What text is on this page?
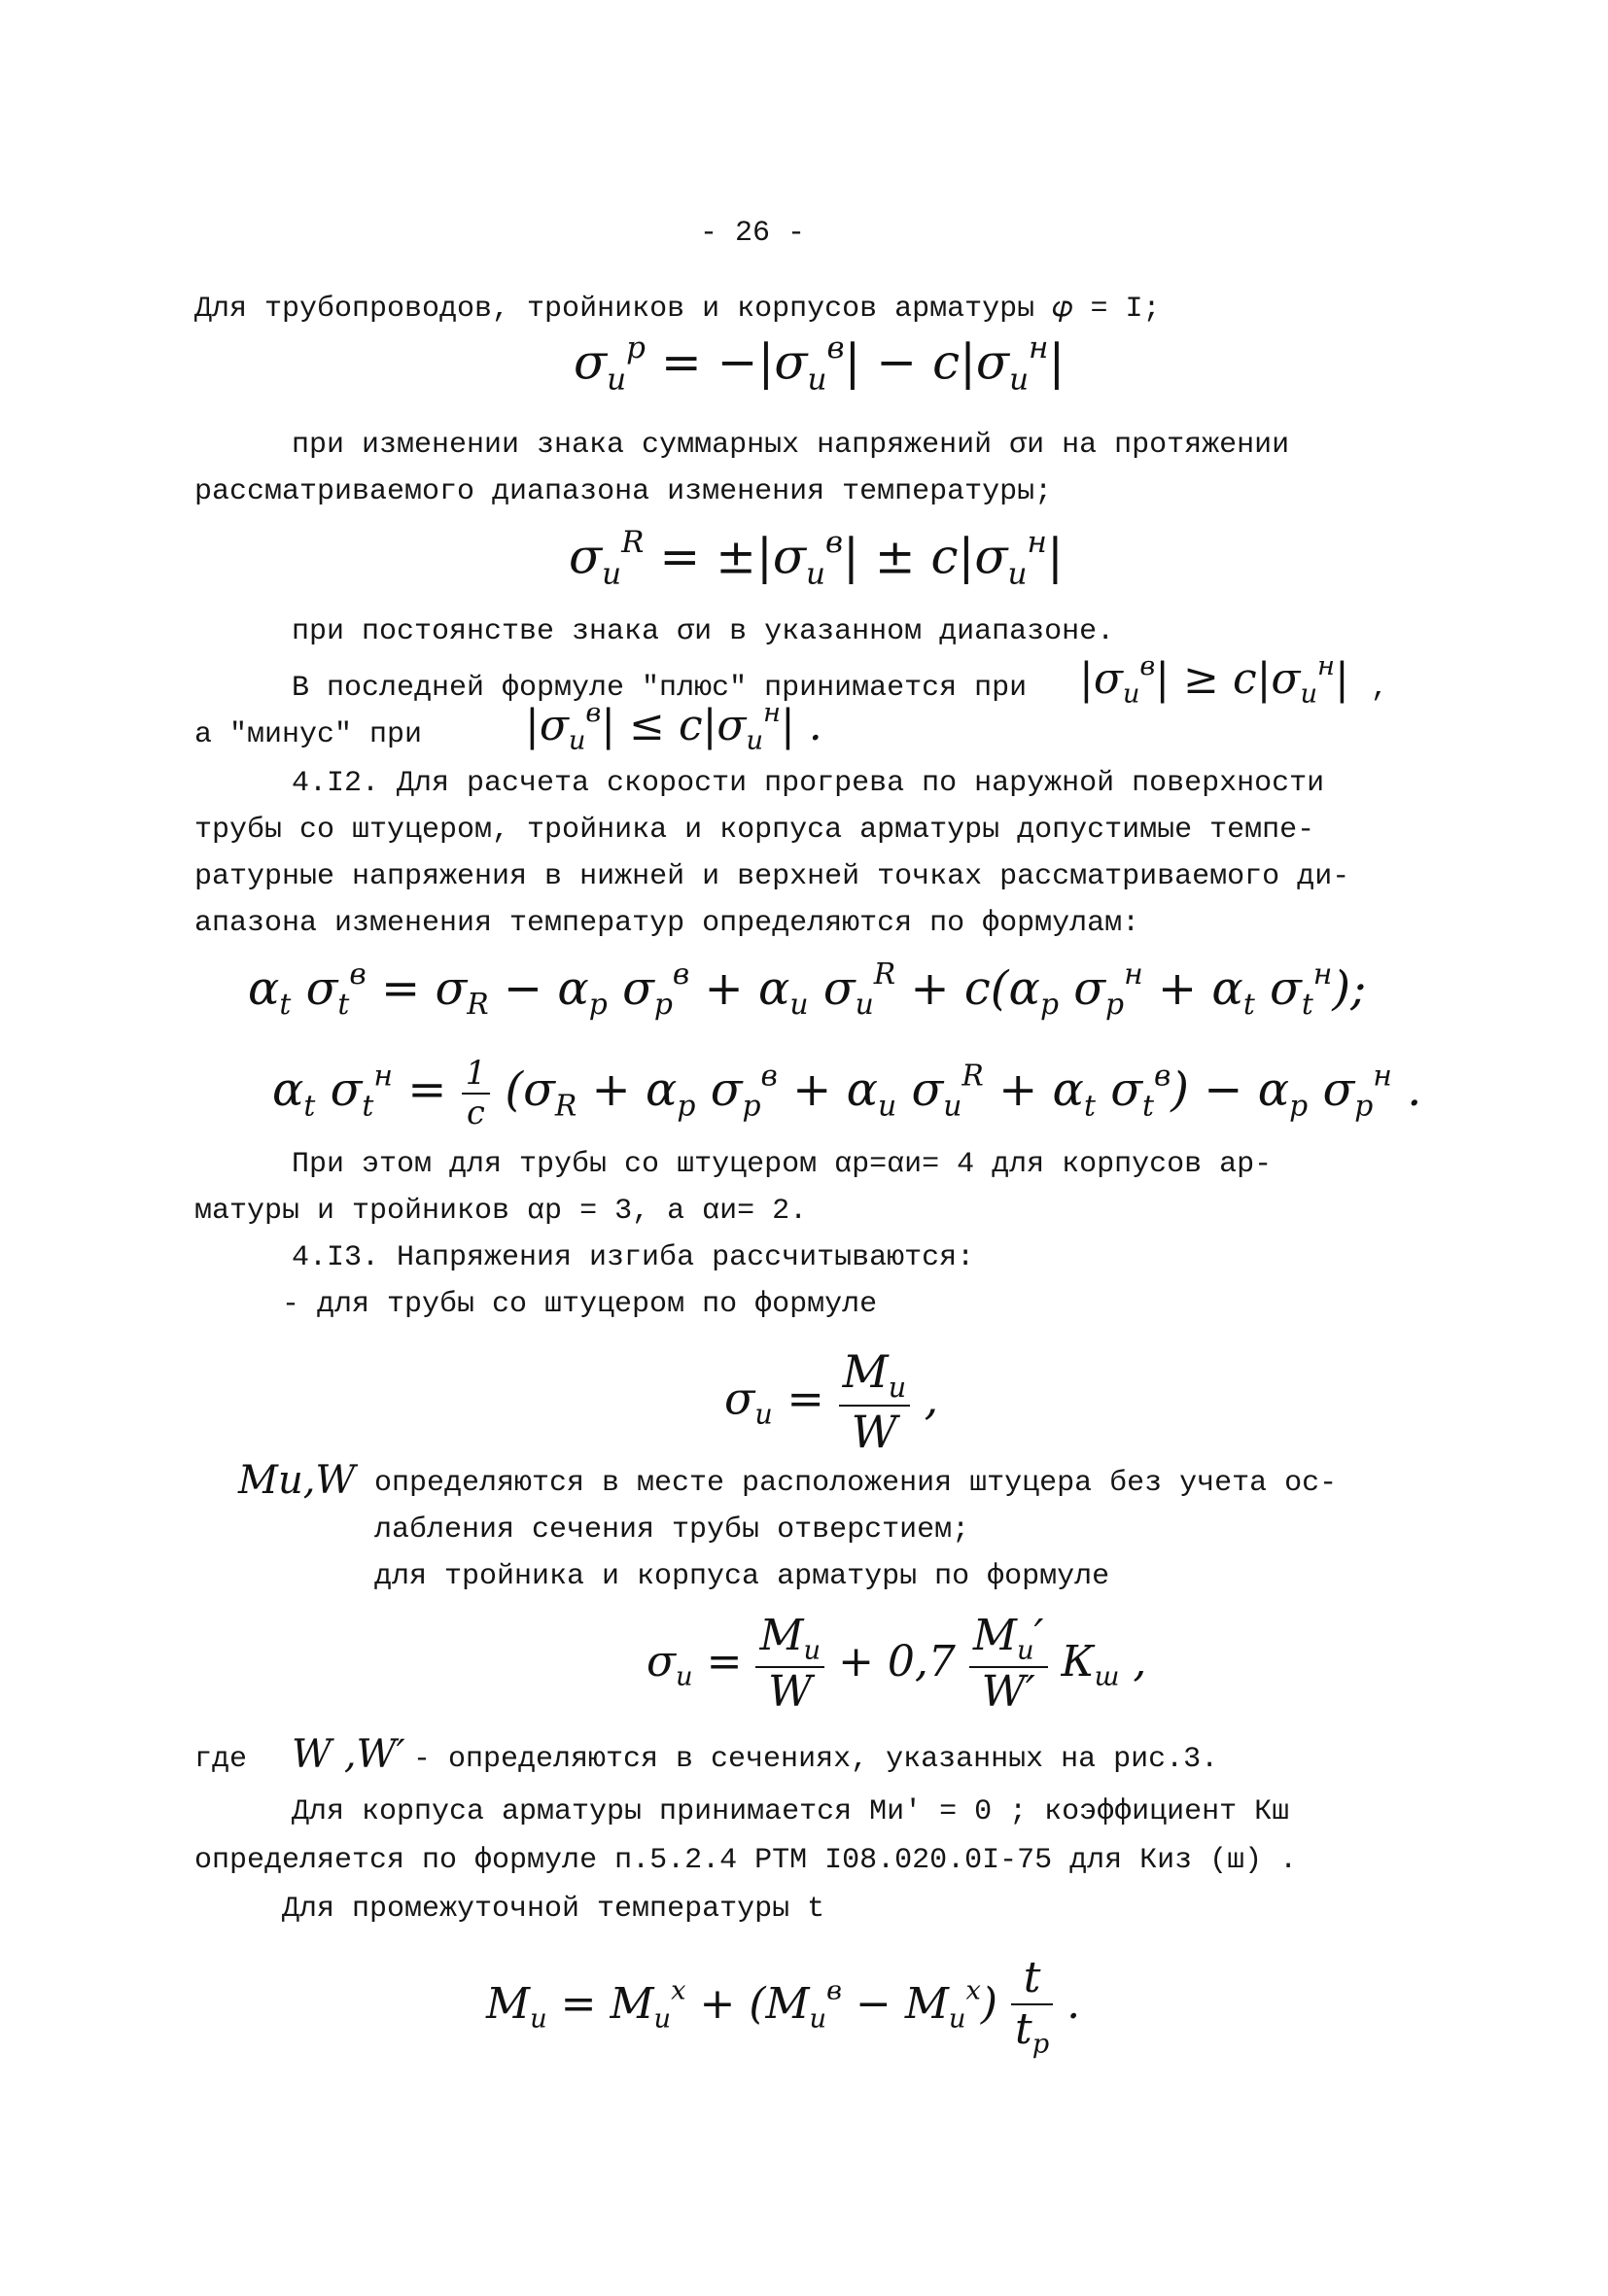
- 26 -
Для трубопроводов, тройников и корпусов арматуры 𝜑 = I;
$\sigma_и^р = -|\sigma_и^в| - c|\sigma_и^н|$
при изменении знака суммарных напряжений σи на протяжении
рассматриваемого диапазона изменения температуры;
$\sigma_и^R = \pm|\sigma_и^в| \pm c|\sigma_и^н|$
при постоянстве знака σи в указанном диапазоне.
В последней формуле "плюс" принимается при $|\sigma_и^в| \ge c|\sigma_и^н|$ ,
а "минус" при $|\sigma_и^в| \le c|\sigma_и^н|$ .
4.I2. Для расчета скорости прогрева по наружной поверхности
трубы со штуцером, тройника и корпуса арматуры допустимые темпе-
ратурные напряжения в нижней и верхней точках рассматриваемого ди-
апазона изменения температур определяются по формулам:
$\alpha_t$ $\sigma_t^в = \sigma_R - \alpha_р$ $\sigma_р^в + \alpha_и$ $\sigma_и^R + c(\alpha_р$ $\sigma_р^н + \alpha_t$ $\sigma_t^н$);
$\alpha_t$ $\sigma_t^н = \frac{1}{c} (\sigma_R + \alpha_р$ $\sigma_р^в + \alpha_и$ $\sigma_и^R + \alpha_t$ $\sigma_t^в) - \alpha_р$ $\sigma_р^н$ .
При этом для трубы со штуцером αр=αи= 4 для корпусов ар-
матуры и тройников αр = 3, а αи= 2.
4.I3. Напряжения изгиба рассчитываются:
- для трубы со штуцером по формуле
$\sigma_и = \frac{М_и}{W}$ ,
Ми,W определяются в месте расположения штуцера без учета ос-
лабления сечения трубы отверстием;
для тройника и корпуса арматуры по формуле
$\sigma_и = \frac{М_и}{W} + 0,7 \frac{М_и'}{W'} К_ш$ ,
где W ,W′ - определяются в сечениях, указанных на рис.3.
Для корпуса арматуры принимается Mи′ = 0 ; коэффициент Кш
определяется по формуле п.5.2.4 РТМ I08.020.0I-75 для Киз (ш) .
Для промежуточной температуры t
$М_и = М_и^х + (М_и^в - М_и^х) \frac{t}{t_р}$ .
